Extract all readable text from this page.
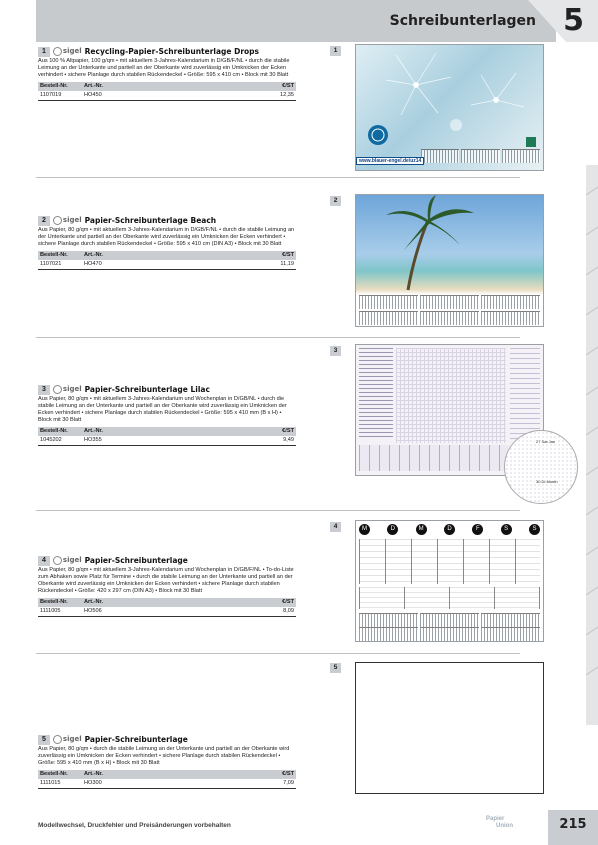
Schreibunterlagen 5
1	sigel Recycling-Papier-Schreibunterlage Drops
Aus 100 % Altpapier, 100 g/qm • mit aktuellem 3-Jahres-Kalendarium in D/GB/F/NL • durch die stabile Leimung an der Unterkante und partiell an der Oberkante wird zuverlässig ein Umknicken der Ecken verhindert • sichere Planlage durch stabilen Rückendeckel • Größe: 595 x 410 cm • Block mit 30 Blatt
Bestell-Nr.	Art.-Nr.	€/ST
1107019	HO450	12,35
2	sigel Papier-Schreibunterlage Beach
Aus Papier, 80 g/qm • mit aktuellem 3-Jahres-Kalendarium in D/GB/F/NL • durch die stabile Leimung an der Unterkante und partiell an der Oberkante wird zuverlässig ein Umknicken der Ecken verhindert • sichere Planlage durch stabilen Rückendeckel • Größe: 595 x 410 cm (DIN A3) • Block mit 30 Blatt
Bestell-Nr.	Art.-Nr.	€/ST
1107021	HO470	11,19
3	sigel Papier-Schreibunterlage Lilac
Aus Papier, 80 g/qm • mit aktuellem 3-Jahres-Kalendarium und Wochenplan in D/GB/NL • durch die stabile Leimung an der Unterkante und partiell an der Oberkante wird zuverlässig ein Umknicken der Ecken verhindert • sichere Planlage durch stabilen Rückendeckel • Größe: 595 x 410 mm (B x H) • Block mit 30 Blatt
Bestell-Nr.	Art.-Nr.	€/ST
1045202	HO355	9,49
4	sigel Papier-Schreibunterlage
Aus Papier, 80 g/qm • mit aktuellem 3-Jahres-Kalendarium und Wochenplan in D/GB/F/NL • To-do-Liste zum Abhaken sowie Platz für Termine • durch die stabile Leimung an der Unterkante und partiell an der Oberkante wird zuverlässig ein Umknicken der Ecken verhindert • sichere Planlage durch stabilen Rückendeckel • Größe: 420 x 297 cm (DIN A3) • Block mit 30 Blatt
Bestell-Nr.	Art.-Nr.	€/ST
1111005	HO506	8,09
5	sigel Papier-Schreibunterlage
Aus Papier, 80 g/qm • durch die stabile Leimung an der Unterkante und partiell an der Oberkante wird zuverlässig ein Umknicken der Ecken verhindert • sichere Planlage durch stabilen Rückendeckel • Größe: 595 x 410 mm (B x H) • Block mit 30 Blatt
Bestell-Nr.	Art.-Nr.	€/ST
1111015	HO300	7,09
1
2
3
4
5
www.blauer-engel.de/uz14
27 Sat Jan
30 Di Month
M	D	M	D	F	S	S
Modellwechsel, Druckfehler und Preisänderungen vorbehalten
Papier
Union	215
